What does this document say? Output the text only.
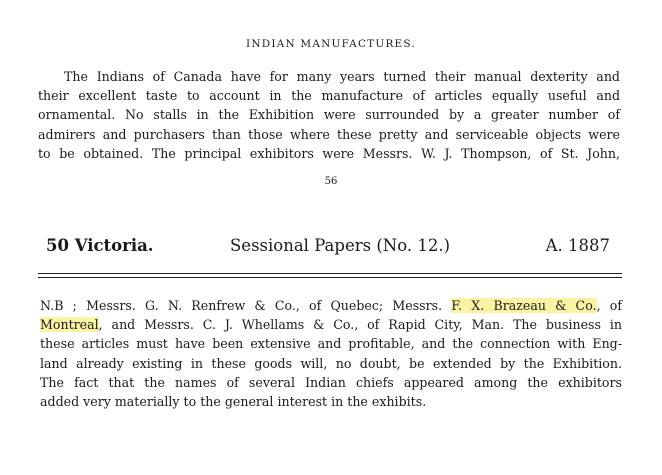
INDIAN MANUFACTURES.
The Indians of Canada have for many years turned their manual dexterity and
their excellent taste to account in the manufacture of articles equally useful and
ornamental. No stalls in the Exhibition were surrounded by a greater number of
admirers and purchasers than those where these pretty and serviceable objects were
to be obtained. The principal exhibitors were Messrs. W. J. Thompson, of St. John,
56
50 Victoria.	Sessional Papers (No. 12.)	A. 1887
N.B ; Messrs. G. N. Renfrew & Co., of Quebec; Messrs. F. X. Brazeau & Co., of
Montreal, and Messrs. C. J. Whellams & Co., of Rapid City, Man. The business in
these articles must have been extensive and profitable, and the connection with Eng-
land already existing in these goods will, no doubt, be extended by the Exhibition.
The fact that the names of several Indian chiefs appeared among the exhibitors
added very materially to the general interest in the exhibits.
